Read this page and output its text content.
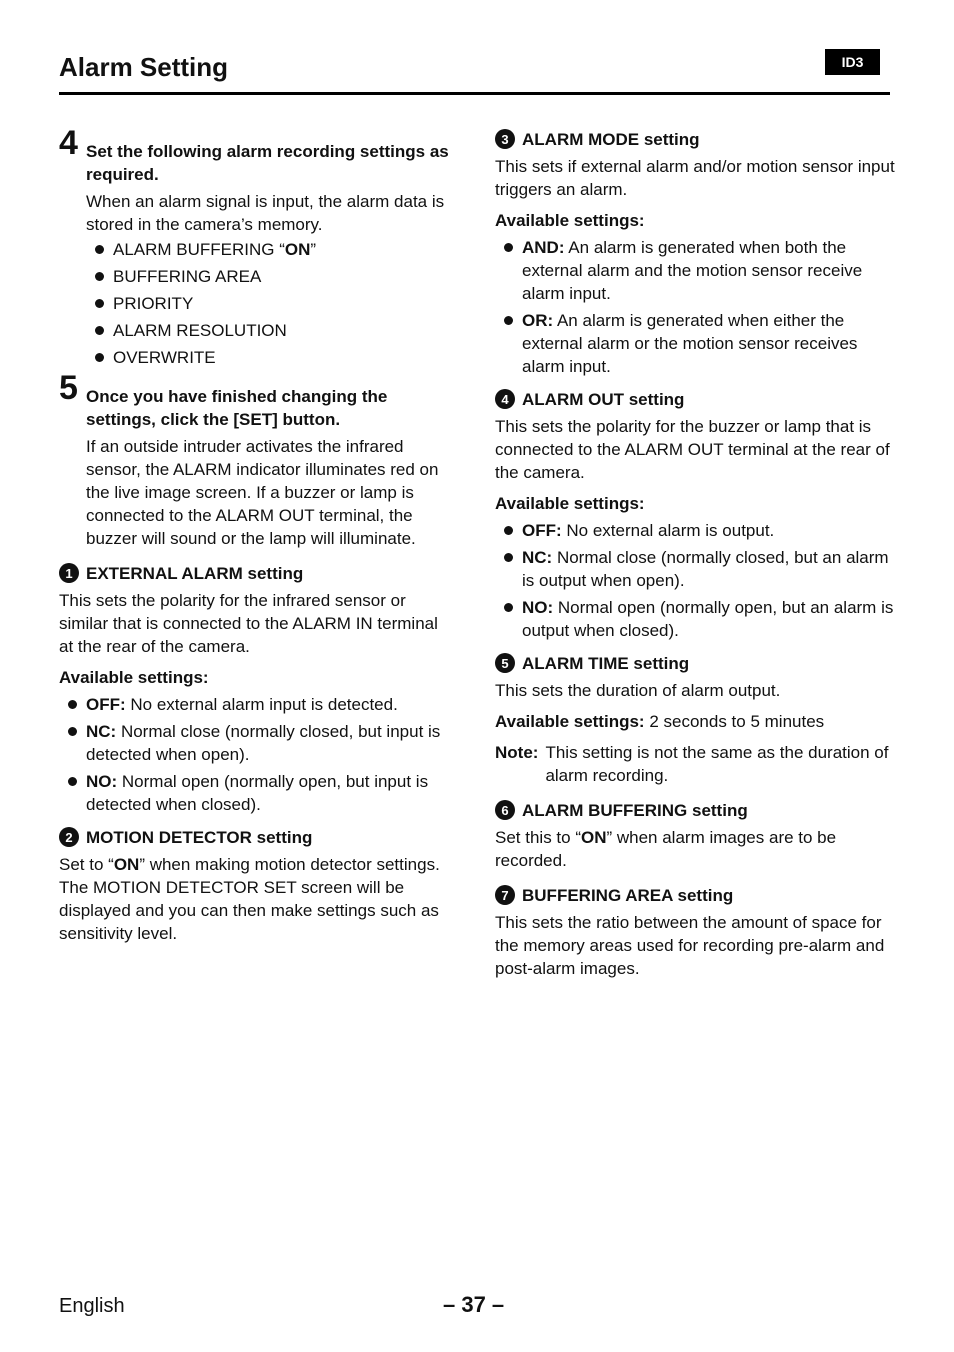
Alarm Setting	ID3
4 Set the following alarm recording settings as required.

When an alarm signal is input, the alarm data is stored in the camera’s memory.

ALARM BUFFERING “ON”
BUFFERING AREA
PRIORITY
ALARM RESOLUTION
OVERWRITE
5 Once you have finished changing the settings, click the [SET] button.

If an outside intruder activates the infrared sensor, the ALARM indicator illuminates red on the live image screen. If a buzzer or lamp is connected to the ALARM OUT terminal, the buzzer will sound or the lamp will illuminate.

1 EXTERNAL ALARM setting

This sets the polarity for the infrared sensor or similar that is connected to the ALARM IN terminal at the rear of the camera.

Available settings:

OFF: No external alarm input is detected.
NC: Normal close (normally closed, but input is detected when open).
NO: Normal open (normally open, but input is detected when closed).

2 MOTION DETECTOR setting

Set to “ON” when making motion detector settings. The MOTION DETECTOR SET screen will be displayed and you can then make settings such as sensitivity level.

3 ALARM MODE setting

This sets if external alarm and/or motion sensor input triggers an alarm.

Available settings:

AND: An alarm is generated when both the external alarm and the motion sensor receive alarm input.
OR: An alarm is generated when either the external alarm or the motion sensor receives alarm input.

4 ALARM OUT setting

This sets the polarity for the buzzer or lamp that is connected to the ALARM OUT terminal at the rear of the camera.

Available settings:

OFF: No external alarm is output.
NC: Normal close (normally closed, but an alarm is output when open).
NO: Normal open (normally open, but an alarm is output when closed).

5 ALARM TIME setting

This sets the duration of alarm output.

Available settings: 2 seconds to 5 minutes

Note: This setting is not the same as the duration of alarm recording.

6 ALARM BUFFERING setting

Set this to “ON” when alarm images are to be recorded.

7 BUFFERING AREA setting

This sets the ratio between the amount of space for the memory areas used for recording pre-alarm and post-alarm images.

English	– 37 –
